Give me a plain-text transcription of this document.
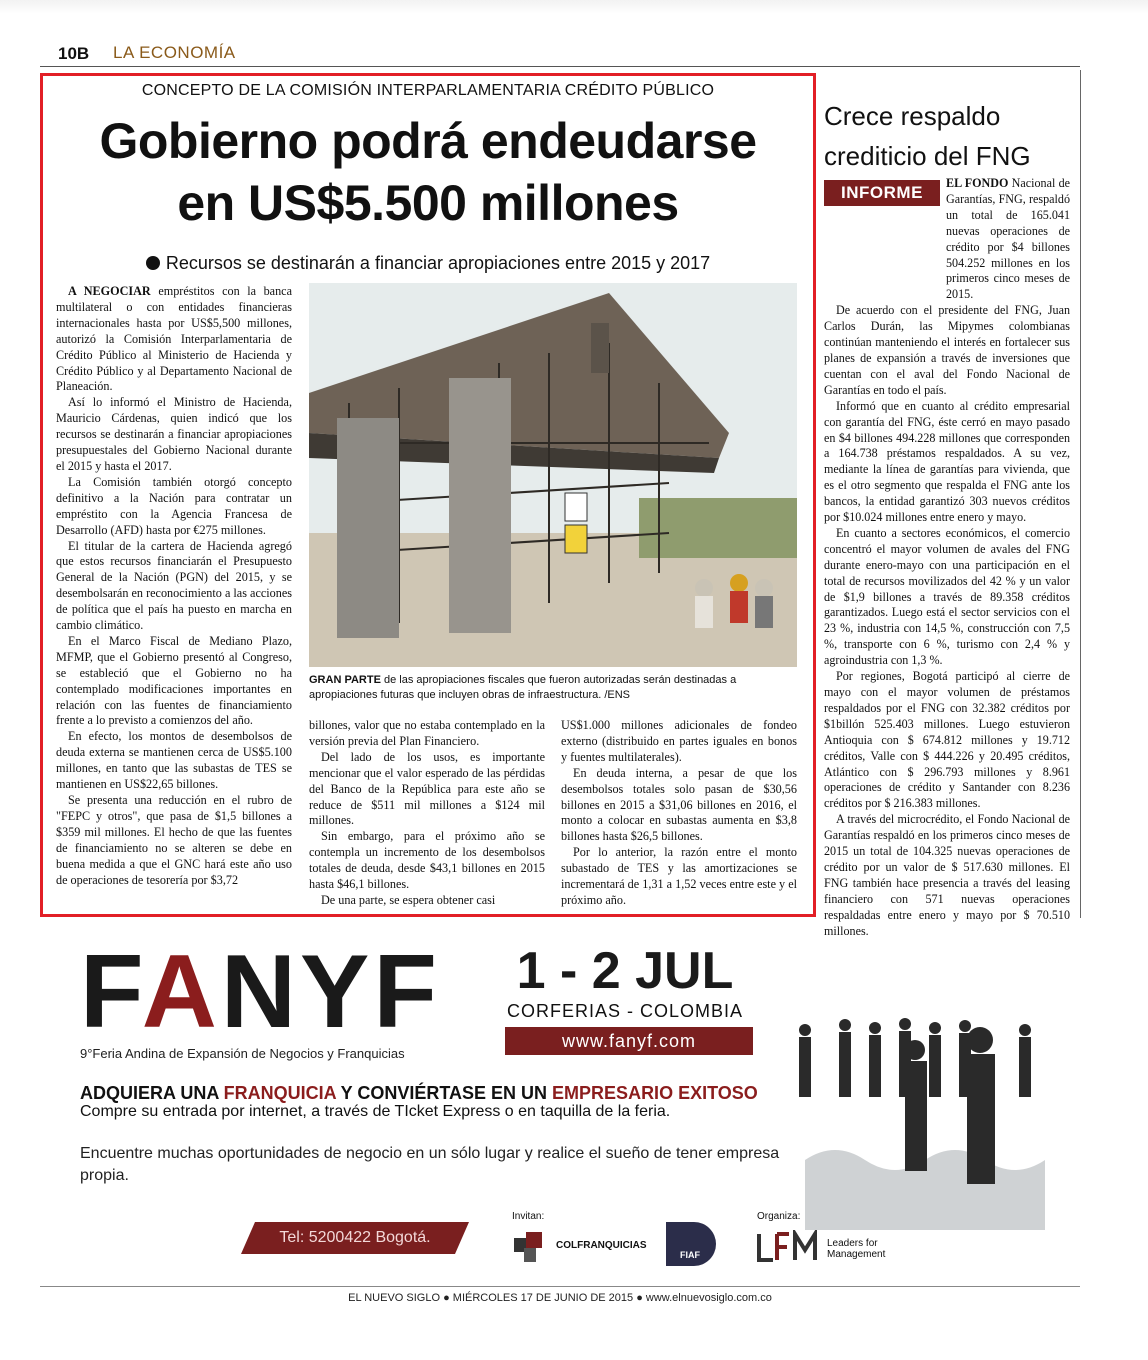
10B LA ECONOMÍA
CONCEPTO DE LA COMISIÓN INTERPARLAMENTARIA CRÉDITO PÚBLICO
Gobierno podrá endeudarse
en US$5.500 millones
Recursos se destinarán a financiar apropiaciones entre 2015 y 2017

A NEGOCIAR empréstitos con la banca multilateral o con entidades financieras internacionales hasta por US$5,500 millones, autorizó la Comisión Interparlamentaria de Crédito Público al Ministerio de Hacienda y Crédito Público y al Departamento Nacional de Planeación.

Así lo informó el Ministro de Hacienda, Mauricio Cárdenas, quien indicó que los recursos se destinarán a financiar apropiaciones presupuestales del Gobierno Nacional durante el 2015 y hasta el 2017.

La Comisión también otorgó concepto definitivo a la Nación para contratar un empréstito con la Agencia Francesa de Desarrollo (AFD) hasta por €275 millones.

El titular de la cartera de Hacienda agregó que estos recursos financiarán el Presupuesto General de la Nación (PGN) del 2015, y se desembolsarán en reconocimiento a las acciones de política que el país ha puesto en marcha en cambio climático.

En el Marco Fiscal de Mediano Plazo, MFMP, que el Gobierno presentó al Congreso, se estableció que el Gobierno no ha contemplado modificaciones importantes en relación con las fuentes de financiamiento frente a lo previsto a comienzos del año.

En efecto, los montos de desembolsos de deuda externa se mantienen cerca de US$5.100 millones, en tanto que las subastas de TES se mantienen en US$22,65 billones.

Se presenta una reducción en el rubro de "FEPC y otros", que pasa de $1,5 billones a $359 mil millones. El hecho de que las fuentes de financiamiento no se alteren se debe en buena medida a que el GNC hará este año uso de operaciones de tesorería por $3,72

GRAN PARTE de las apropiaciones fiscales que fueron autorizadas serán destinadas a apropiaciones futuras que incluyen obras de infraestructura. /ENS

billones, valor que no estaba contemplado en la versión previa del Plan Financiero.

Del lado de los usos, es importante mencionar que el valor esperado de las pérdidas del Banco de la República para este año se reduce de $511 mil millones a $124 mil millones.

Sin embargo, para el próximo año se contempla un incremento de los desembolsos totales de deuda, desde $43,1 billones en 2015 hasta $46,1 billones.

De una parte, se espera obtener casi

US$1.000 millones adicionales de fondeo externo (distribuido en partes iguales en bonos y fuentes multilaterales).

En deuda interna, a pesar de que los desembolsos totales solo pasan de $30,56 billones en 2015 a $31,06 billones en 2016, el monto a colocar en subastas aumenta en $3,8 billones hasta $26,5 billones.

Por lo anterior, la razón entre el monto subastado de TES y las amortizaciones se incrementará de 1,31 a 1,52 veces entre este y el próximo año.

Crece respaldo crediticio del FNG
INFORME	EL FONDO Nacional de Garantías, FNG, respaldó un total de 165.041 nuevas operaciones de crédito por $4 billones 504.252 millones en los primeros cinco meses de 2015.

De acuerdo con el presidente del FNG, Juan Carlos Durán, las Mipymes colombianas continúan manteniendo el interés en fortalecer sus planes de expansión a través de inversiones que cuentan con el aval del Fondo Nacional de Garantías en todo el país.

Informó que en cuanto al crédito empresarial con garantía del FNG, éste cerró en mayo pasado en $4 billones 494.228 millones que corresponden a 164.738 préstamos respaldados. A su vez, mediante la línea de garantías para vivienda, que es el otro segmento que respalda el FNG ante los bancos, la entidad garantizó 303 nuevos créditos por $10.024 millones entre enero y mayo.

En cuanto a sectores económicos, el comercio concentró el mayor volumen de avales del FNG durante enero-mayo con una participación en el total de recursos movilizados del 42 % y un valor de $1,9 billones a través de 89.358 créditos garantizados. Luego está el sector servicios con el 23 %, industria con 14,5 %, construcción con 7,5 %, transporte con 6 %, turismo con 2,4 % y agroindustria con 1,3 %.

Por regiones, Bogotá participó al cierre de mayo con el mayor volumen de préstamos respaldados por el FNG con 32.382 créditos por $1billón 525.403 millones. Luego estuvieron Antioquia con $ 674.812 millones y 19.712 créditos, Valle con $ 444.226 y 20.495 créditos, Atlántico con $ 296.793 millones y 8.961 operaciones de crédito y Santander con 8.236 créditos por $ 216.383 millones.

A través del microcrédito, el Fondo Nacional de Garantías respaldó en los primeros cinco meses de 2015 un total de 104.325 nuevas operaciones de crédito por un valor de $ 517.630 millones. El FNG también hace presencia a través del leasing financiero con 571 nuevas operaciones respaldadas entre enero y mayo por $ 70.510 millones.

FANYF
9°Feria Andina de Expansión de Negocios y Franquicias
1 - 2 JUL
CORFERIAS - COLOMBIA
www.fanyf.com
ADQUIERA UNA FRANQUICIA Y CONVIÉRTASE EN UN EMPRESARIO EXITOSO
Compre su entrada por internet, a través de TIcket Express o en taquilla de la feria.
Encuentre muchas oportunidades de negocio en un sólo lugar y realice el sueño de tener empresa propia.
Tel: 5200422 Bogotá.
Invitan:	Organiza:
COLFRANQUICIAS
FIAF
Leaders for Management
EL NUEVO SIGLO ● MIÉRCOLES 17 DE JUNIO DE 2015 ● www.elnuevosiglo.com.co
